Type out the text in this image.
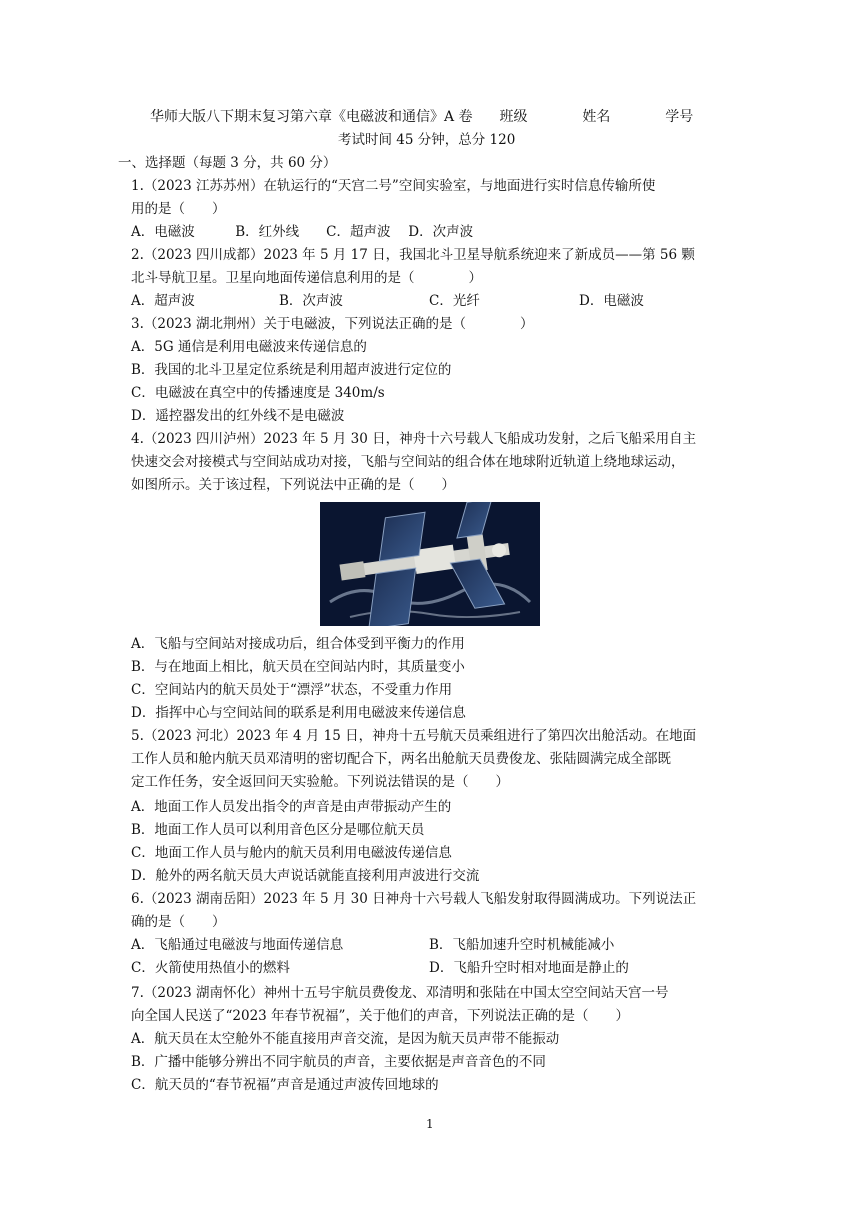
华师大版八下期末复习第六章《电磁波和通信》A 卷 班级	姓名	学号
考试时间 45 分钟，总分 120
一、选择题（每题 3 分，共 60 分）
1.（2023 江苏苏州）在轨运行的“天宫二号”空间实验室，与地面进行实时信息传输所使
用的是（　　）
A．电磁波　　　B．红外线　　C．超声波　 D．次声波
2.（2023 四川成都）2023 年 5 月 17 日，我国北斗卫星导航系统迎来了新成员——第 56 颗
北斗导航卫星。卫星向地面传递信息利用的是（　　　　）
A．超声波	B．次声波	C．光纤	D．电磁波
3.（2023 湖北荆州）关于电磁波，下列说法正确的是（　　　　）
A．5G 通信是利用电磁波来传递信息的
B．我国的北斗卫星定位系统是利用超声波进行定位的
C．电磁波在真空中的传播速度是 340m/s
D．遥控器发出的红外线不是电磁波
4.（2023 四川泸州）2023 年 5 月 30 日，神舟十六号载人飞船成功发射，之后飞船采用自主
快速交会对接模式与空间站成功对接，飞船与空间站的组合体在地球附近轨道上绕地球运动，
如图所示。关于该过程，下列说法中正确的是（　　）
A．飞船与空间站对接成功后，组合体受到平衡力的作用
B．与在地面上相比，航天员在空间站内时，其质量变小
C．空间站内的航天员处于“漂浮”状态，不受重力作用
D．指挥中心与空间站间的联系是利用电磁波来传递信息
5.（2023 河北）2023 年 4 月 15 日，神舟十五号航天员乘组进行了第四次出舱活动。在地面
工作人员和舱内航天员邓清明的密切配合下，两名出舱航天员费俊龙、张陆圆满完成全部既
定工作任务，安全返回问天实验舱。下列说法错误的是（　　）
A．地面工作人员发出指令的声音是由声带振动产生的
B．地面工作人员可以利用音色区分是哪位航天员
C．地面工作人员与舱内的航天员利用电磁波传递信息
D．舱外的两名航天员大声说话就能直接利用声波进行交流
6.（2023 湖南岳阳）2023 年 5 月 30 日神舟十六号载人飞船发射取得圆满成功。下列说法正
确的是（　　）
A．飞船通过电磁波与地面传递信息	B．飞船加速升空时机械能减小
C．火箭使用热值小的燃料	D．飞船升空时相对地面是静止的
7.（2023 湖南怀化）神州十五号宇航员费俊龙、邓清明和张陆在中国太空空间站天宫一号
向全国人民送了“2023 年春节祝福”，关于他们的声音，下列说法正确的是（　　）
A．航天员在太空舱外不能直接用声音交流，是因为航天员声带不能振动
B．广播中能够分辨出不同宇航员的声音，主要依据是声音音色的不同
C．航天员的“春节祝福”声音是通过声波传回地球的
1
